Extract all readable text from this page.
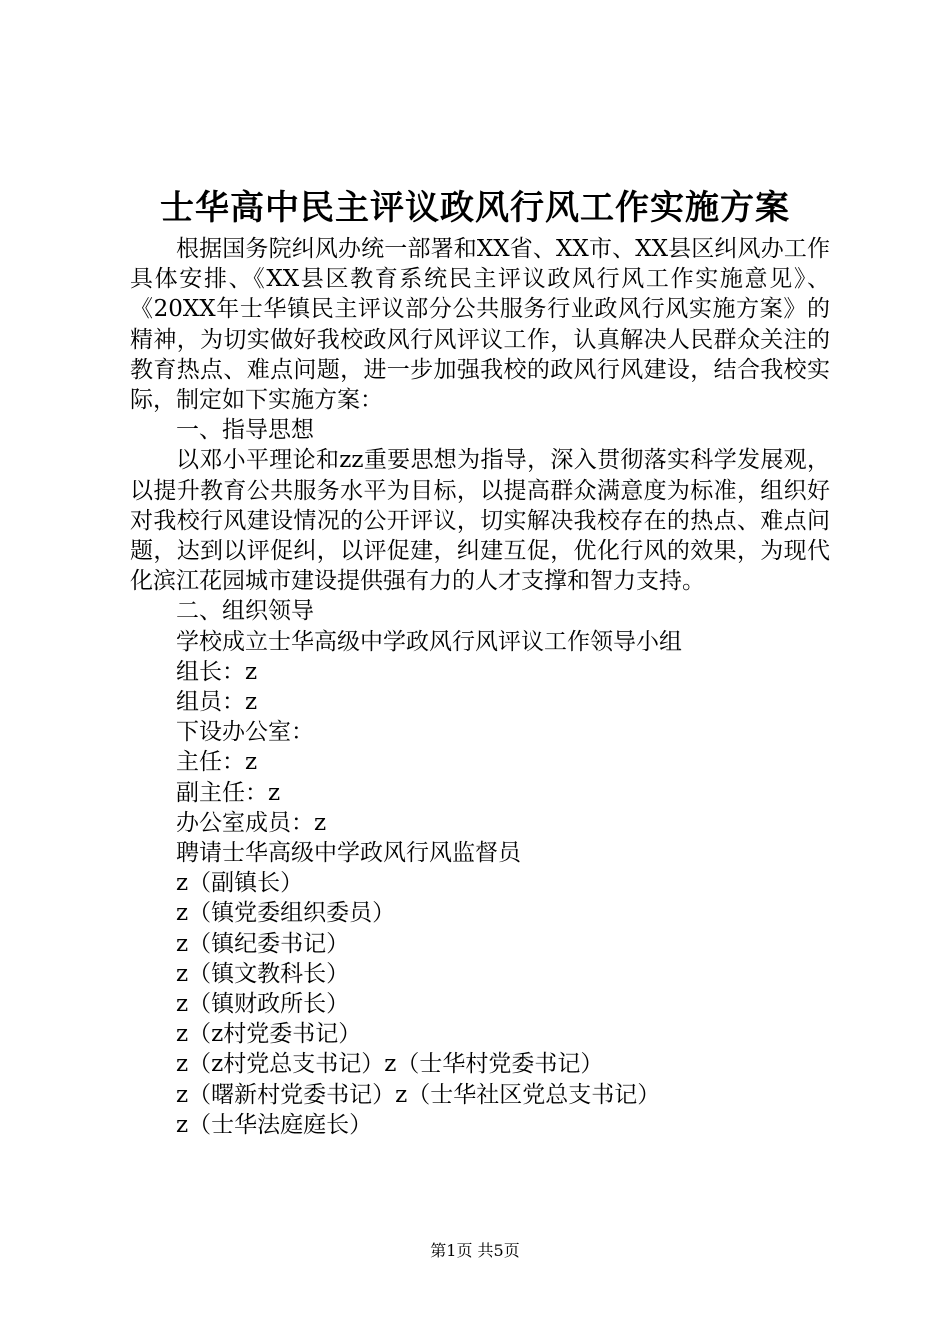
士华高中民主评议政风行风工作实施方案

根据国务院纠风办统一部署和XX省、XX市、XX县区纠风办工作具体安排、《XX县区教育系统民主评议政风行风工作实施意见》、《20XX年士华镇民主评议部分公共服务行业政风行风实施方案》的精神，为切实做好我校政风行风评议工作，认真解决人民群众关注的教育热点、难点问题，进一步加强我校的政风行风建设，结合我校实际，制定如下实施方案：

一、指导思想

以邓小平理论和zz重要思想为指导，深入贯彻落实科学发展观，以提升教育公共服务水平为目标，以提高群众满意度为标准，组织好对我校行风建设情况的公开评议，切实解决我校存在的热点、难点问题，达到以评促纠，以评促建，纠建互促，优化行风的效果，为现代化滨江花园城市建设提供强有力的人才支撑和智力支持。

二、组织领导

学校成立士华高级中学政风行风评议工作领导小组

组长：z

组员：z

下设办公室：

主任：z

副主任：z

办公室成员：z

聘请士华高级中学政风行风监督员

z（副镇长）

z（镇党委组织委员）

z（镇纪委书记）

z（镇文教科长）

z（镇财政所长）

z（z村党委书记）

z（z村党总支书记）z（士华村党委书记）

z（曙新村党委书记）z（士华社区党总支书记）

z（士华法庭庭长）

第1页 共5页
